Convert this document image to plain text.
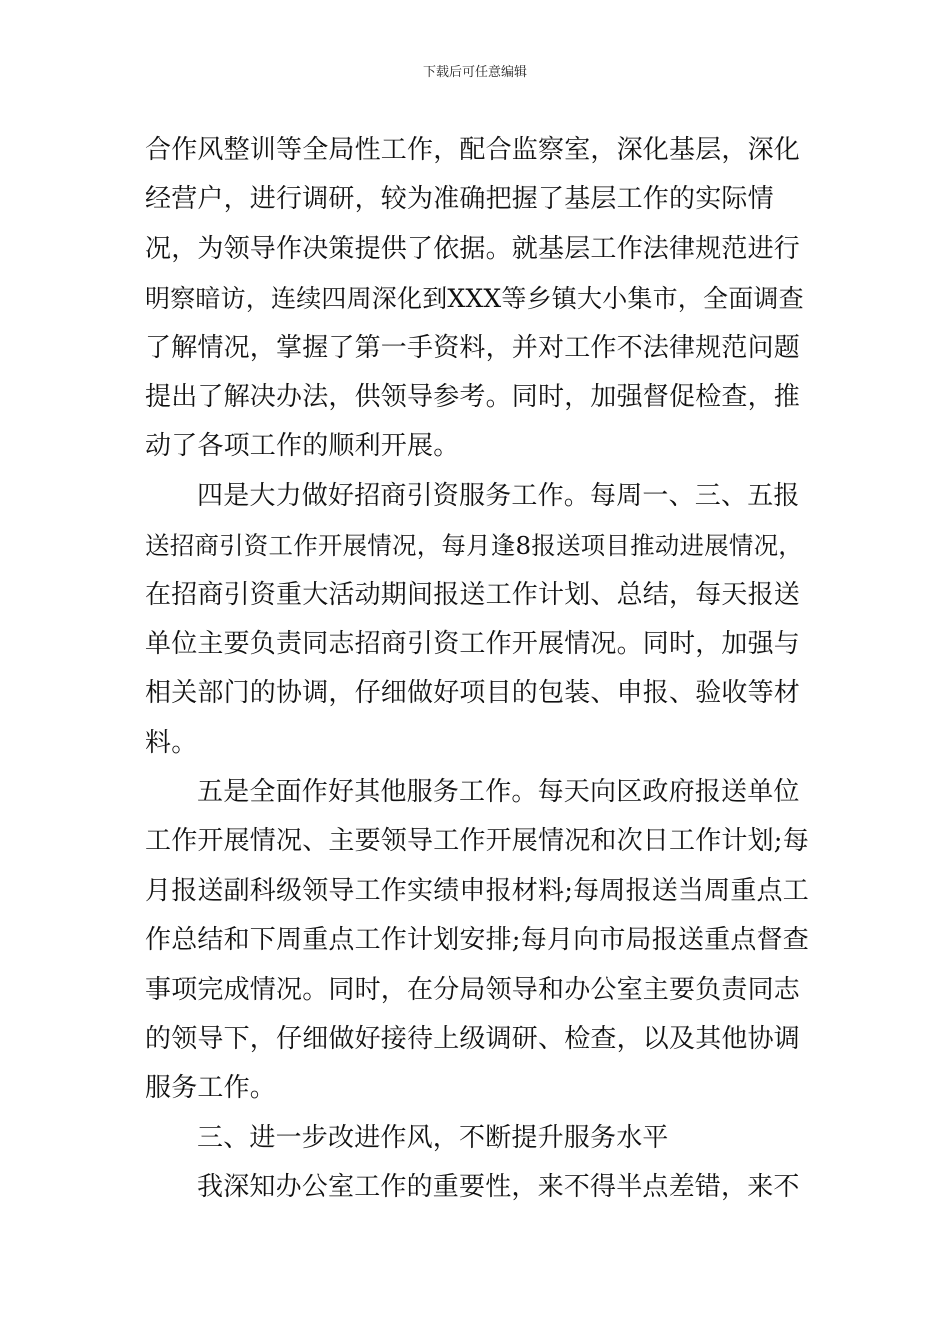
下载后可任意编辑
合作风整训等全局性工作，配合监察室，深化基层，深化
经营户，进行调研，较为准确把握了基层工作的实际情
况，为领导作决策提供了依据。就基层工作法律规范进行
明察暗访，连续四周深化到XXX等乡镇大小集市，全面调查
了解情况，掌握了第一手资料，并对工作不法律规范问题
提出了解决办法，供领导参考。同时，加强督促检查，推
动了各项工作的顺利开展。
四是大力做好招商引资服务工作。每周一、三、五报
送招商引资工作开展情况，每月逢8报送项目推动进展情况，
在招商引资重大活动期间报送工作计划、总结，每天报送
单位主要负责同志招商引资工作开展情况。同时，加强与
相关部门的协调，仔细做好项目的包装、申报、验收等材
料。
五是全面作好其他服务工作。每天向区政府报送单位
工作开展情况、主要领导工作开展情况和次日工作计划;每
月报送副科级领导工作实绩申报材料;每周报送当周重点工
作总结和下周重点工作计划安排;每月向市局报送重点督查
事项完成情况。同时，在分局领导和办公室主要负责同志
的领导下，仔细做好接待上级调研、检查，以及其他协调
服务工作。
三、进一步改进作风，不断提升服务水平
我深知办公室工作的重要性，来不得半点差错，来不
